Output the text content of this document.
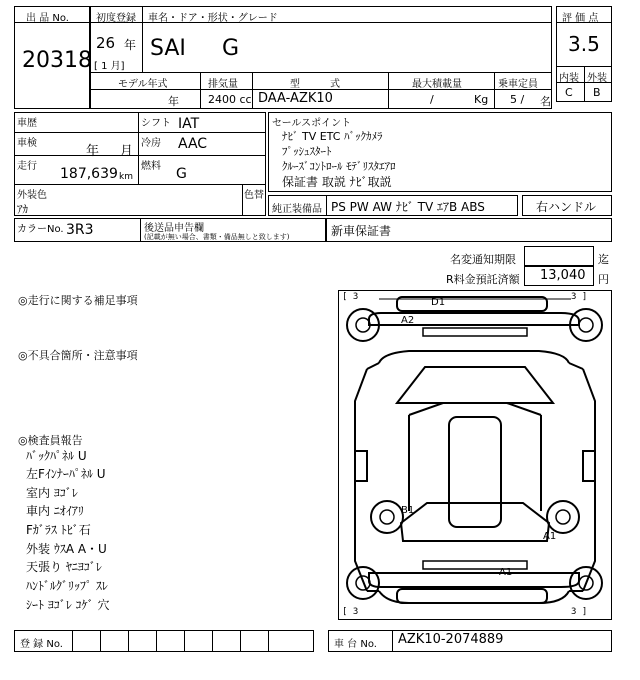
出 品 No.
20318
初度登録 車名・ドア・形状・グレード
26 年
[ 1 月]
SAI G
モデル年式	排気量	型　　　式	最大積載量	乗車定員
年	2400 cc DAA-AZK10	/	Kg 5 / 名
評 価 点
3.5
内装 外装
C B
車歴	シフト IAT
車検
年 月
冷房 AAC
走行 187,639 km
燃料 G
外装色
ｱｶ
色替
セールスポイント
ﾅﾋﾞ TV ETC ﾊﾞｯｸｶﾒﾗ
ﾌﾟｯｼｭｽﾀｰﾄ
ｸﾙｰｽﾞｺﾝﾄﾛｰﾙ ﾓﾃﾞﾘｽﾀｴｱﾛ
保証書 取説 ﾅﾋﾞ取説
純正装備品 PS PW AW ﾅﾋﾞ TV ｴｱB ABS	右ハンドル
カラーNo. 3R3	後送品申告欄
(記載が無い場合、書類・備品無しと致します)	新車保証書
名変通知期限	迄
R料金預託済額 13,040 円
◎走行に関する補足事項
◎不具合箇所・注意事項
◎検査員報告
ﾊﾞｯｸﾊﾟﾈﾙ U
左Fｲﾝﾅｰﾊﾟﾈﾙ U
室内 ﾖｺﾞﾚ
車内 ﾆｵｲｱﾘ
Fｶﾞﾗｽ ﾄﾋﾞ石
外装 ｳｽA A・U
天張り ﾔﾆﾖｺﾞﾚ
ﾊﾝﾄﾞﾙｸﾞﾘｯﾌﾟ ｽﾚ
ｼｰﾄ ﾖｺﾞﾚ ｺｹﾞ 穴
[ 3	3 ]
[ 3	3 ]
D1
A2
B1
A1
A1
登 録 No.	車 台 No. AZK10-2074889
